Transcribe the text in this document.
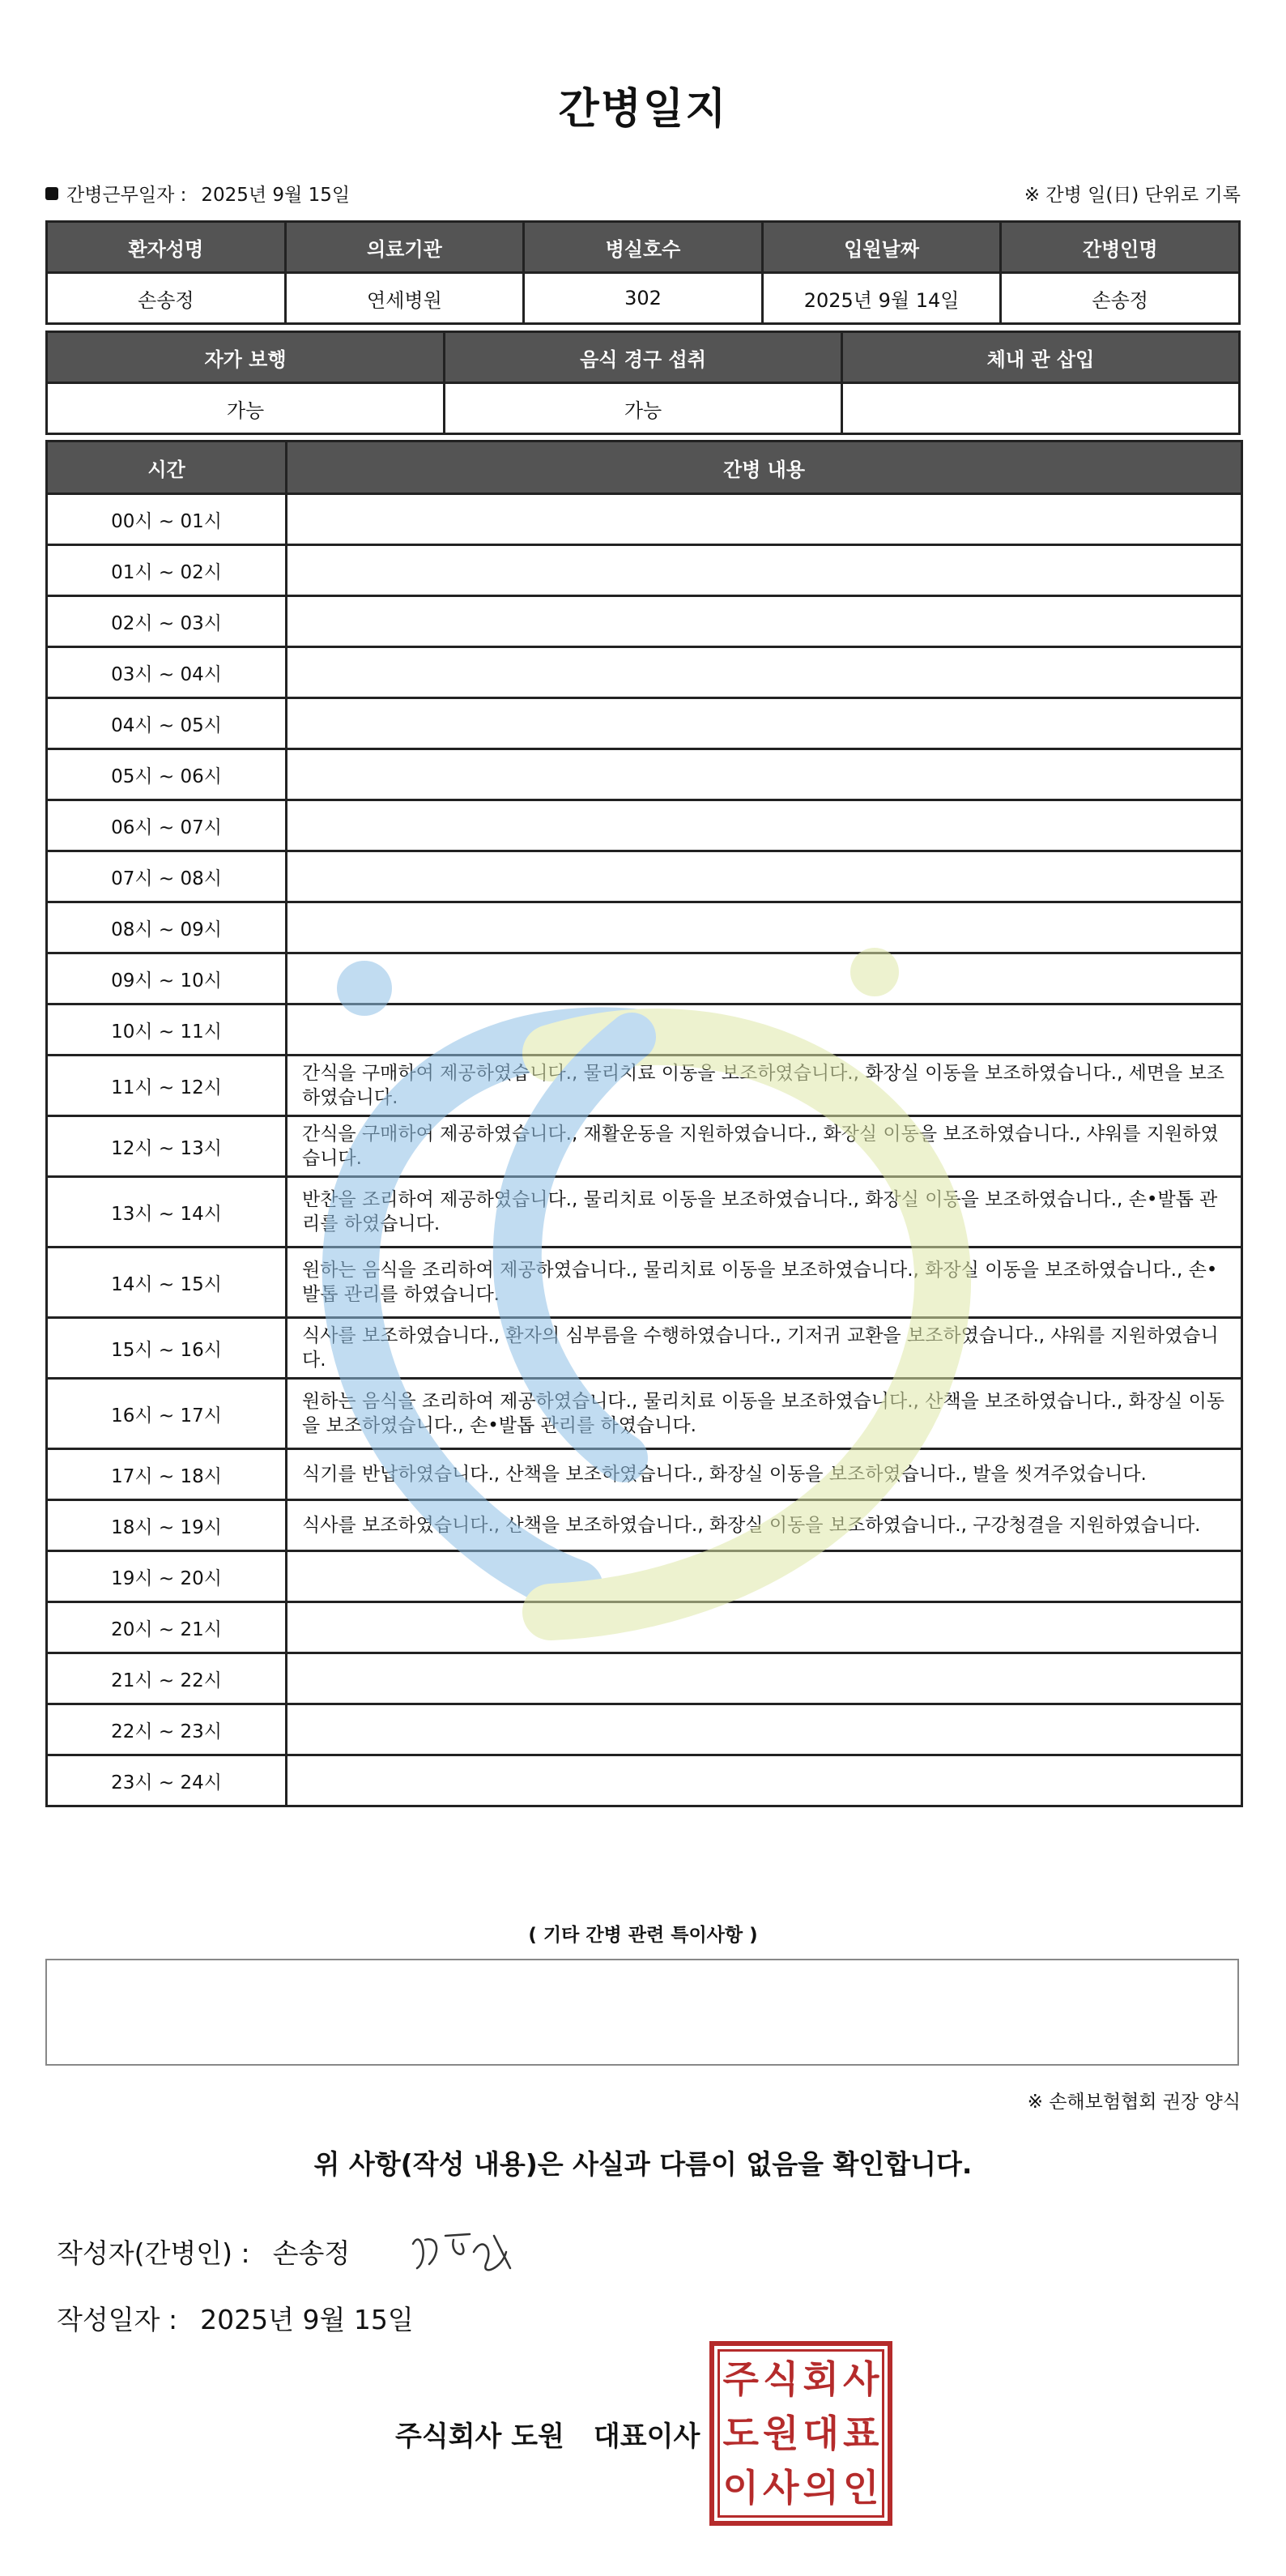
간병일지
간병근무일자 : 2025년 9월 15일	※ 간병 일(日) 단위로 기록
환자성명	의료기관	병실호수	입원날짜	간병인명
손송정	연세병원	302	2025년 9월 14일	손송정
자가 보행	음식 경구 섭취	체내 관 삽입
가능	가능	
시간	간병 내용
00시 ~ 01시	
01시 ~ 02시	
02시 ~ 03시	
03시 ~ 04시	
04시 ~ 05시	
05시 ~ 06시	
06시 ~ 07시	
07시 ~ 08시	
08시 ~ 09시	
09시 ~ 10시	
10시 ~ 11시	
11시 ~ 12시	간식을 구매하여 제공하였습니다., 물리치료 이동을 보조하였습니다., 화장실 이동을 보조하였습니다., 세면을 보조하였습니다.
12시 ~ 13시	간식을 구매하여 제공하였습니다., 재활운동을 지원하였습니다., 화장실 이동을 보조하였습니다., 샤워를 지원하였습니다.
13시 ~ 14시	반찬을 조리하여 제공하였습니다., 물리치료 이동을 보조하였습니다., 화장실 이동을 보조하였습니다., 손•발톱 관리를 하였습니다.
14시 ~ 15시	원하는 음식을 조리하여 제공하였습니다., 물리치료 이동을 보조하였습니다., 화장실 이동을 보조하였습니다., 손•발톱 관리를 하였습니다.
15시 ~ 16시	식사를 보조하였습니다., 환자의 심부름을 수행하였습니다., 기저귀 교환을 보조하였습니다., 샤워를 지원하였습니다.
16시 ~ 17시	원하는 음식을 조리하여 제공하였습니다., 물리치료 이동을 보조하였습니다., 산책을 보조하였습니다., 화장실 이동을 보조하였습니다., 손•발톱 관리를 하였습니다.
17시 ~ 18시	식기를 반납하였습니다., 산책을 보조하였습니다., 화장실 이동을 보조하였습니다., 발을 씻겨주었습니다.
18시 ~ 19시	식사를 보조하였습니다., 산책을 보조하였습니다., 화장실 이동을 보조하였습니다., 구강청결을 지원하였습니다.
19시 ~ 20시	
20시 ~ 21시	
21시 ~ 22시	
22시 ~ 23시	
23시 ~ 24시	
( 기타 간병 관련 특이사항 )
※ 손해보험협회 권장 양식
위 사항(작성 내용)은 사실과 다름이 없음을 확인합니다.
작성자(간병인) : 손송정
작성일자 : 2025년 9월 15일
주식회사 도원 대표이사
주 식 회 사
도 원 대 표
이 사 의 인
